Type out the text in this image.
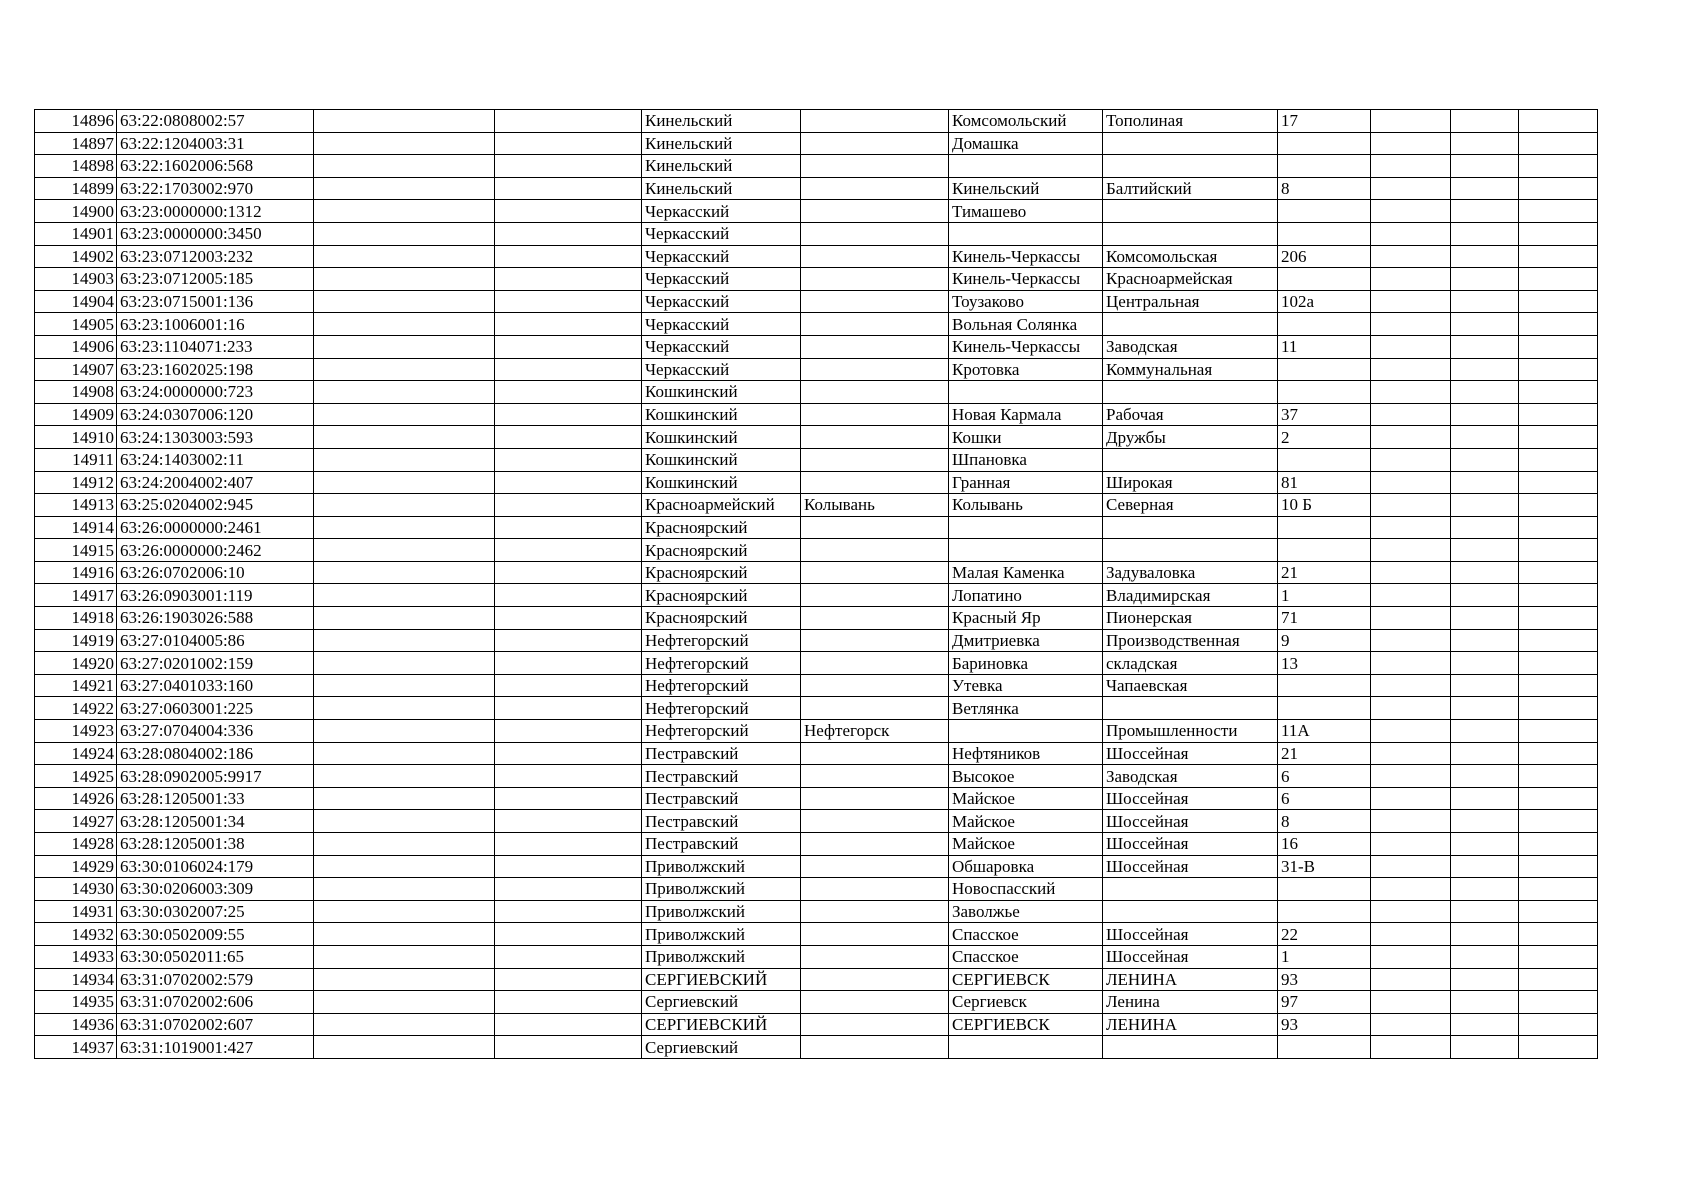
14896	63:22:0808002:57			Кинельский		Комсомольский	Тополиная	17			
14897	63:22:1204003:31			Кинельский		Домашка					
14898	63:22:1602006:568			Кинельский							
14899	63:22:1703002:970			Кинельский		Кинельский	Балтийский	8			
14900	63:23:0000000:1312			Черкасский		Тимашево					
14901	63:23:0000000:3450			Черкасский							
14902	63:23:0712003:232			Черкасский		Кинель-Черкассы	Комсомольская	206			
14903	63:23:0712005:185			Черкасский		Кинель-Черкассы	Красноармейская				
14904	63:23:0715001:136			Черкасский		Тоузаково	Центральная	102а			
14905	63:23:1006001:16			Черкасский		Вольная Солянка					
14906	63:23:1104071:233			Черкасский		Кинель-Черкассы	Заводская	11			
14907	63:23:1602025:198			Черкасский		Кротовка	Коммунальная				
14908	63:24:0000000:723			Кошкинский							
14909	63:24:0307006:120			Кошкинский		Новая Кармала	Рабочая	37			
14910	63:24:1303003:593			Кошкинский		Кошки	Дружбы	2			
14911	63:24:1403002:11			Кошкинский		Шпановка					
14912	63:24:2004002:407			Кошкинский		Гранная	Широкая	81			
14913	63:25:0204002:945			Красноармейский	Колывань	Колывань	Северная	10 Б			
14914	63:26:0000000:2461			Красноярский							
14915	63:26:0000000:2462			Красноярский							
14916	63:26:0702006:10			Красноярский		Малая Каменка	Задуваловка	21			
14917	63:26:0903001:119			Красноярский		Лопатино	Владимирская	1			
14918	63:26:1903026:588			Красноярский		Красный Яр	Пионерская	71			
14919	63:27:0104005:86			Нефтегорский		Дмитриевка	Производственная	9			
14920	63:27:0201002:159			Нефтегорский		Бариновка	складская	13			
14921	63:27:0401033:160			Нефтегорский		Утевка	Чапаевская				
14922	63:27:0603001:225			Нефтегорский		Ветлянка					
14923	63:27:0704004:336			Нефтегорский	Нефтегорск		Промышленности	11А			
14924	63:28:0804002:186			Пестравский		Нефтяников	Шоссейная	21			
14925	63:28:0902005:9917			Пестравский		Высокое	Заводская	6			
14926	63:28:1205001:33			Пестравский		Майское	Шоссейная	6			
14927	63:28:1205001:34			Пестравский		Майское	Шоссейная	8			
14928	63:28:1205001:38			Пестравский		Майское	Шоссейная	16			
14929	63:30:0106024:179			Приволжский		Обшаровка	Шоссейная	31-В			
14930	63:30:0206003:309			Приволжский		Новоспасский					
14931	63:30:0302007:25			Приволжский		Заволжье					
14932	63:30:0502009:55			Приволжский		Спасское	Шоссейная	22			
14933	63:30:0502011:65			Приволжский		Спасское	Шоссейная	1			
14934	63:31:0702002:579			СЕРГИЕВСКИЙ		СЕРГИЕВСК	ЛЕНИНА	93			
14935	63:31:0702002:606			Сергиевский		Сергиевск	Ленина	97			
14936	63:31:0702002:607			СЕРГИЕВСКИЙ		СЕРГИЕВСК	ЛЕНИНА	93			
14937	63:31:1019001:427			Сергиевский							
